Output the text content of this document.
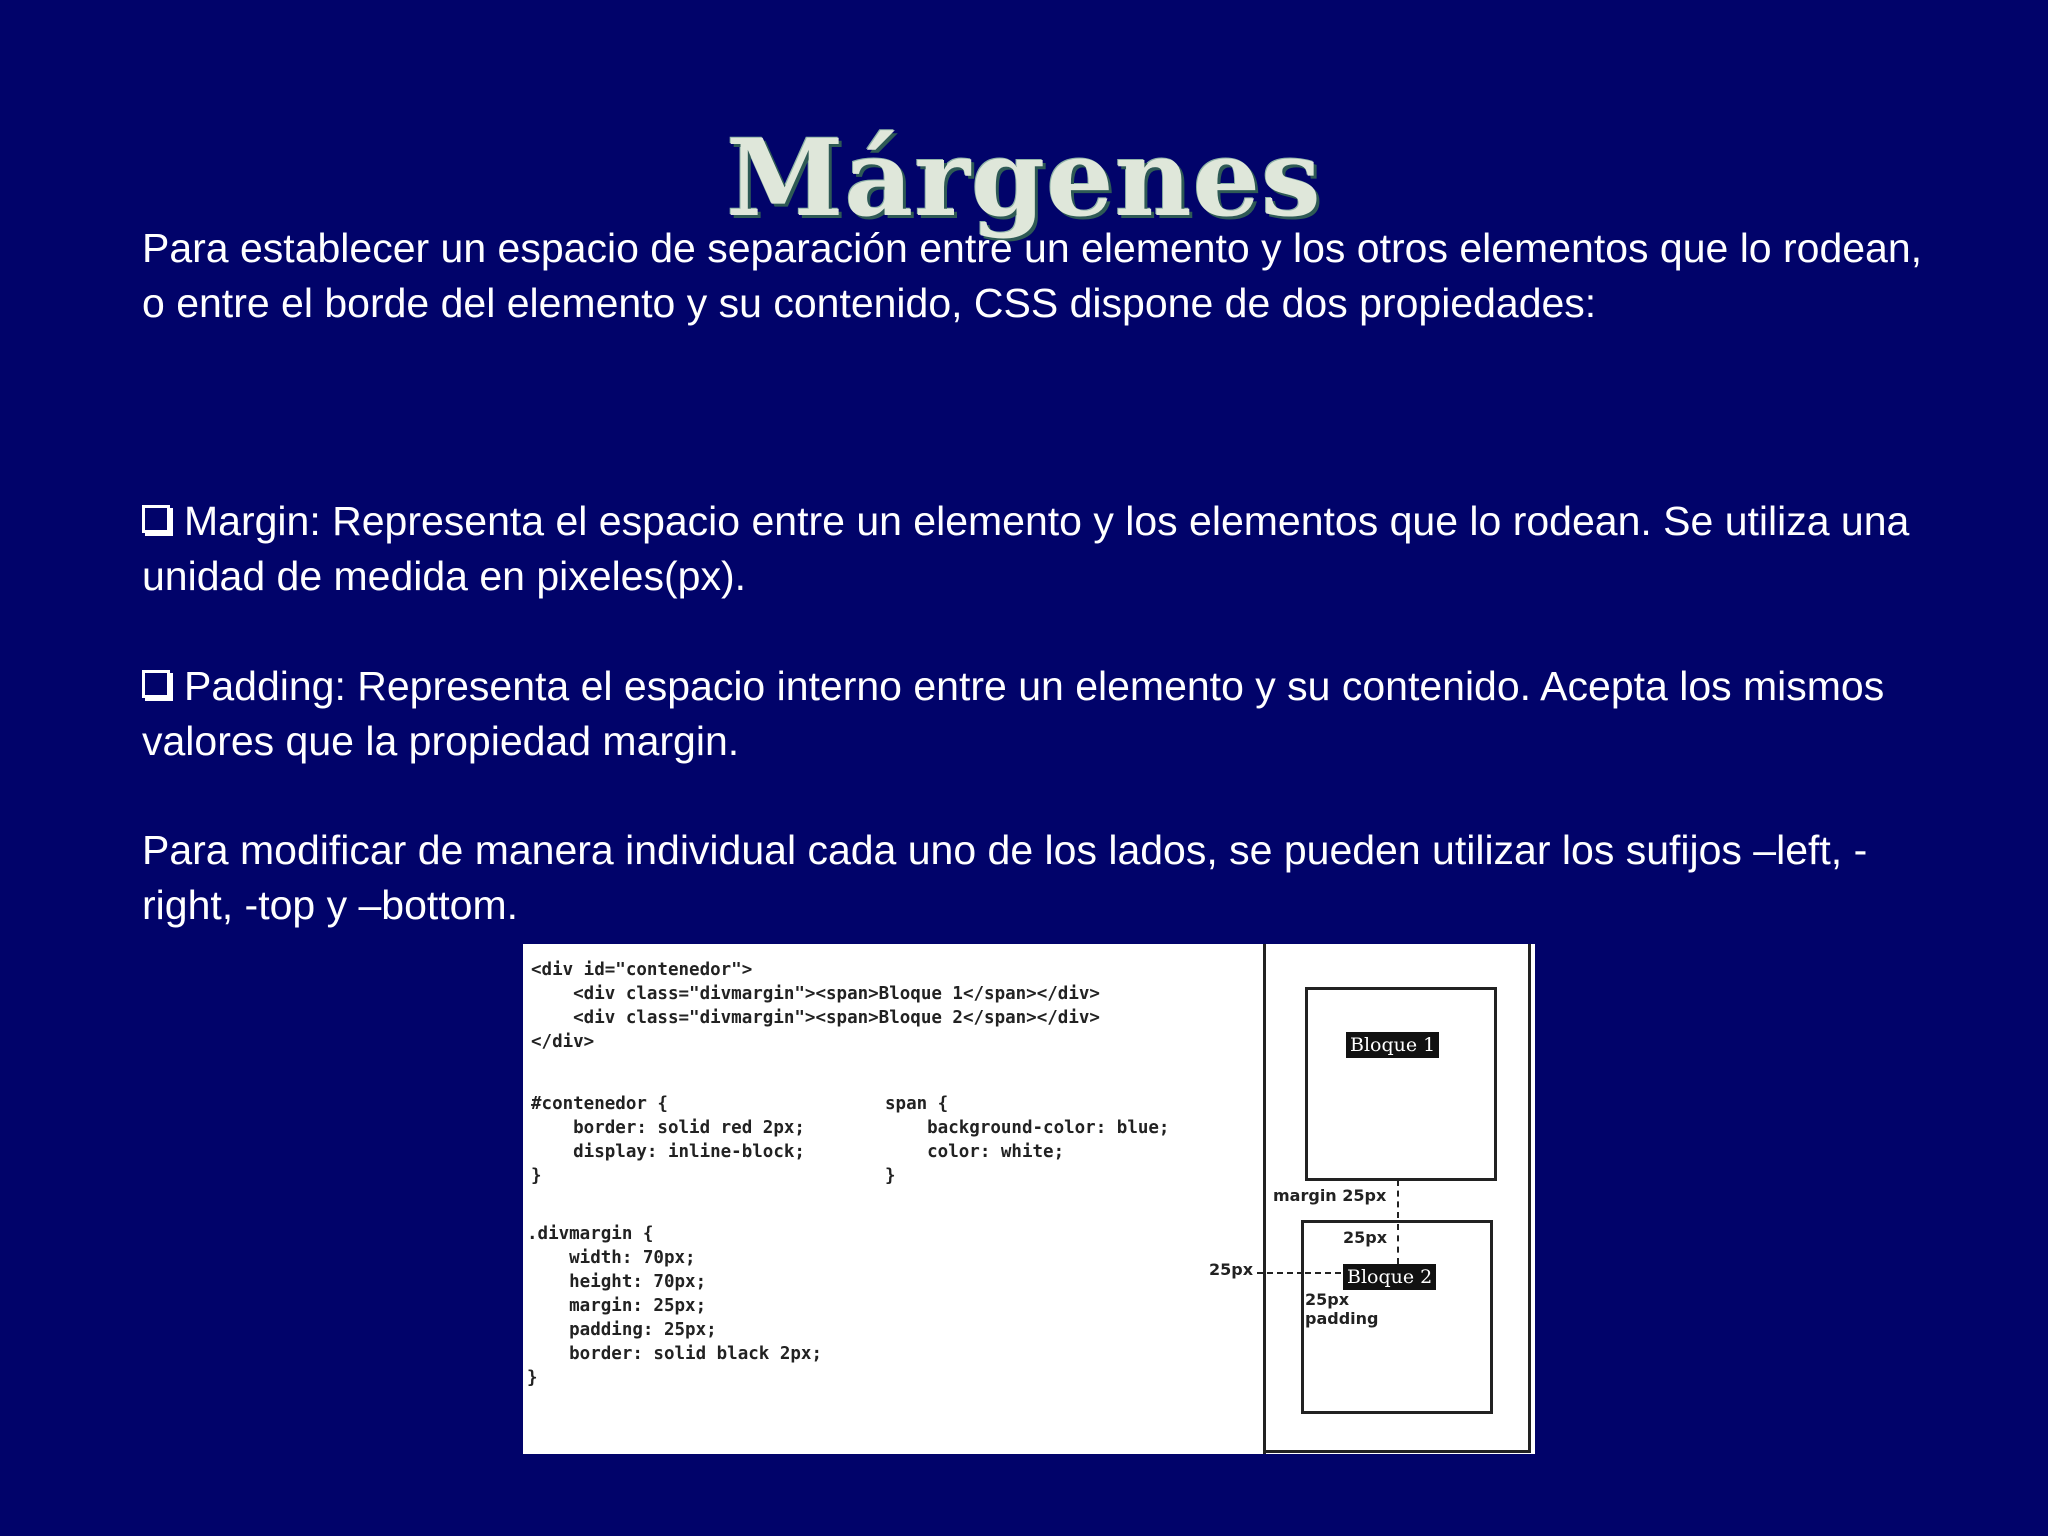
Márgenes

Para establecer un espacio de separación entre un elemento y los otros elementos que lo rodean, o entre el borde del elemento y su contenido, CSS dispone de dos propiedades:

Margin: Representa el espacio entre un elemento y los elementos que lo rodean. Se utiliza una unidad de medida en pixeles(px).

Padding: Representa el espacio interno entre un elemento y su contenido. Acepta los mismos valores que la propiedad margin.

Para modificar de manera individual cada uno de los lados, se pueden utilizar los sufijos –left, -right, -top y –bottom.

<div id="contenedor">
<div class="divmargin"><span>Bloque 1</span></div>
<div class="divmargin"><span>Bloque 2</span></div>
</div>
#contenedor {
border: solid red 2px;
display: inline-block;
}
span {
background-color: blue;
color: white;
}
.divmargin {
width: 70px;
height: 70px;
margin: 25px;
padding: 25px;
border: solid black 2px;
}
Bloque 1
Bloque 2
margin 25px
25px
25px
25px
padding
